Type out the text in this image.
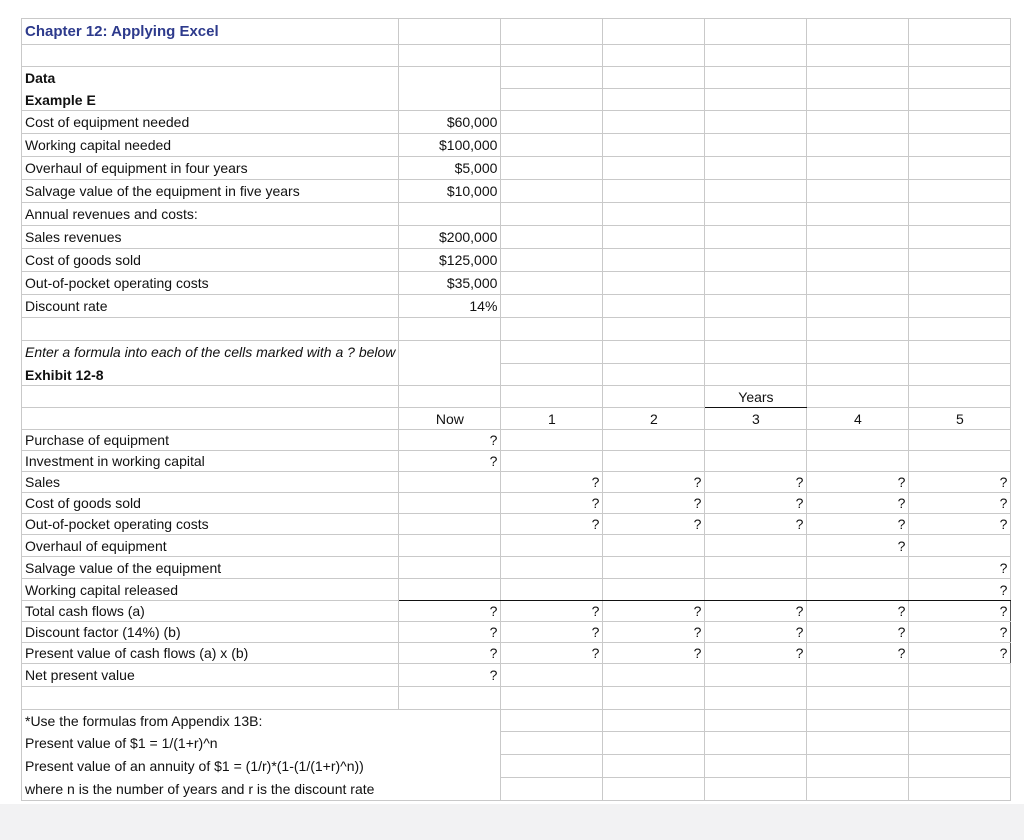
Chapter 12: Applying Excel						

Data						
Example E						
Cost of equipment needed	$60,000					
Working capital needed	$100,000					
Overhaul of equipment in four years	$5,000					
Salvage value of the equipment in five years	$10,000					
Annual revenues and costs:						
Sales revenues	$200,000					
Cost of goods sold	$125,000					
Out-of-pocket operating costs	$35,000					
Discount rate	14%					

Enter a formula into each of the cells marked with a ? below						
Exhibit 12-8						
				Years		
	Now	1	2	3	4	5
Purchase of equipment	?					
Investment in working capital	?					
Sales		?	?	?	?	?
Cost of goods sold		?	?	?	?	?
Out-of-pocket operating costs		?	?	?	?	?
Overhaul of equipment					?	
Salvage value of the equipment						?
Working capital released						?
Total cash flows (a)	?	?	?	?	?	?
Discount factor (14%) (b)	?	?	?	?	?	?
Present value of cash flows (a) x (b)	?	?	?	?	?	?
Net present value	?					

*Use the formulas from Appendix 13B:						
Present value of $1 = 1/(1+r)^n						
Present value of an annuity of $1 = (1/r)*(1-(1/(1+r)^n))						
where n is the number of years and r is the discount rate						
